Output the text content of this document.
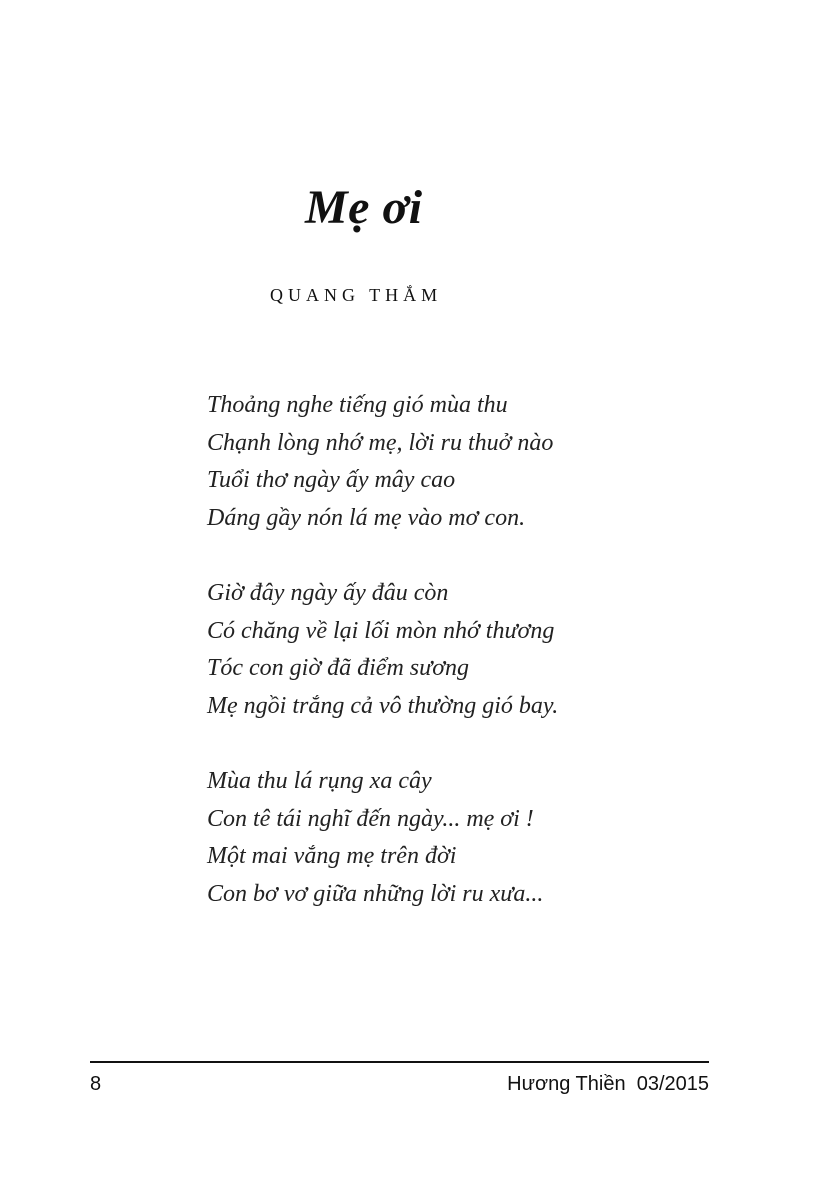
Mẹ ơi
QUANG THẮM
Thoảng nghe tiếng gió mùa thu
Chạnh lòng nhớ mẹ, lời ru thuở nào
Tuổi thơ ngày ấy mây cao
Dáng gầy nón lá mẹ vào mơ con.
Giờ đây ngày ấy đâu còn
Có chăng về lại lối mòn nhớ thương
Tóc con giờ đã điểm sương
Mẹ ngồi trắng cả vô thường gió bay.
Mùa thu lá rụng xa cây
Con tê tái nghĩ đến ngày... mẹ ơi !
Một mai vắng mẹ trên đời
Con bơ vơ giữa những lời ru xưa...
8	Hương Thiền  03/2015
